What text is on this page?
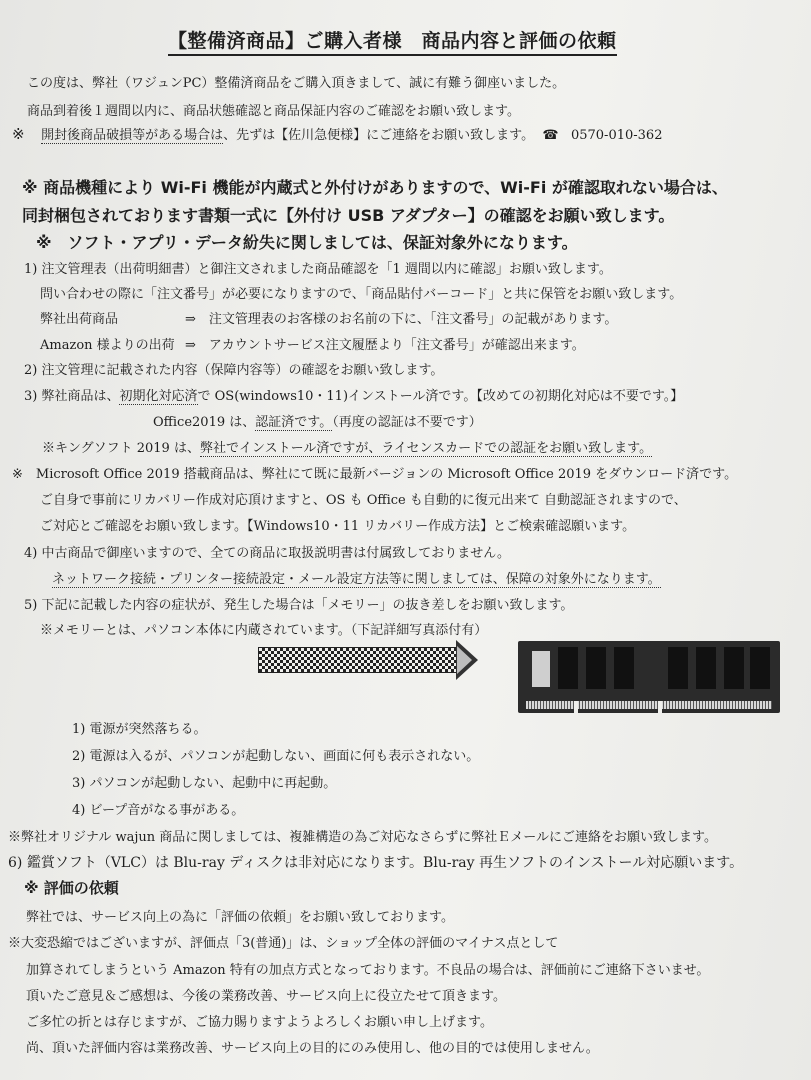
【整備済商品】ご購入者様　商品内容と評価の依頼
この度は、弊社（ワジュンPC）整備済商品をご購入頂きまして、誠に有難う御座いました。
商品到着後１週間以内に、商品状態確認と商品保証内容のご確認をお願い致します。
※ 開封後商品破損等がある場合は、先ずは【佐川急便様】にご連絡をお願い致します。 ☎ 0570-010-362
※ 商品機種により Wi-Fi 機能が内蔵式と外付けがありますので、Wi-Fi が確認取れない場合は、
同封梱包されております書類一式に【外付け USB アダプター】の確認をお願い致します。
※　ソフト・アプリ・データ紛失に関しましては、保証対象外になります。
1) 注文管理表（出荷明細書）と御注文されました商品確認を「1 週間以内に確認」お願い致します。
問い合わせの際に「注文番号」が必要になりますので、「商品貼付バーコード」と共に保管をお願い致します。
弊社出荷商品	⇒　注文管理表のお客様のお名前の下に、「注文番号」の記載があります。
Amazon 様よりの出荷 ⇒　アカウントサービス注文履歴より「注文番号」が確認出来ます。
2) 注文管理に記載された内容（保障内容等）の確認をお願い致します。
3) 弊社商品は、初期化対応済で OS(windows10・11)インストール済です。【改めての初期化対応は不要です。】
Office2019 は、認証済です。（再度の認証は不要です）
※キングソフト 2019 は、弊社でインストール済ですが、ライセンスカードでの認証をお願い致します。
※　Microsoft Office 2019 搭載商品は、弊社にて既に最新バージョンの Microsoft Office 2019 をダウンロード済です。
ご自身で事前にリカバリー作成対応頂けますと、OS も Office も自動的に復元出来て 自動認証されますので、
ご対応とご確認をお願い致します。【Windows10・11 リカバリー作成方法】とご検索確認願います。
4) 中古商品で御座いますので、全ての商品に取扱説明書は付属致しておりません。
ネットワーク接続・プリンター接続設定・メール設定方法等に関しましては、保障の対象外になります。
5) 下記に記載した内容の症状が、発生した場合は「メモリー」の抜き差しをお願い致します。
※メモリーとは、パソコン本体に内蔵されています。（下記詳細写真添付有）
1) 電源が突然落ちる。
2) 電源は入るが、パソコンが起動しない、画面に何も表示されない。
3) パソコンが起動しない、起動中に再起動。
4) ビープ音がなる事がある。
※弊社オリジナル wajun 商品に関しましては、複雑構造の為ご対応なさらずに弊社Ｅメールにご連絡をお願い致します。
6) 鑑賞ソフト（VLC）は Blu-ray ディスクは非対応になります。Blu-ray 再生ソフトのインストール対応願います。
※ 評価の依頼
弊社では、サービス向上の為に「評価の依頼」をお願い致しております。
※大変恐縮ではございますが、評価点「3(普通)」は、ショップ全体の評価のマイナス点として
加算されてしまうという Amazon 特有の加点方式となっております。不良品の場合は、評価前にご連絡下さいませ。
頂いたご意見＆ご感想は、今後の業務改善、サービス向上に役立たせて頂きます。
ご多忙の折とは存じますが、ご協力賜りますようよろしくお願い申し上げます。
尚、頂いた評価内容は業務改善、サービス向上の目的にのみ使用し、他の目的では使用しません。
